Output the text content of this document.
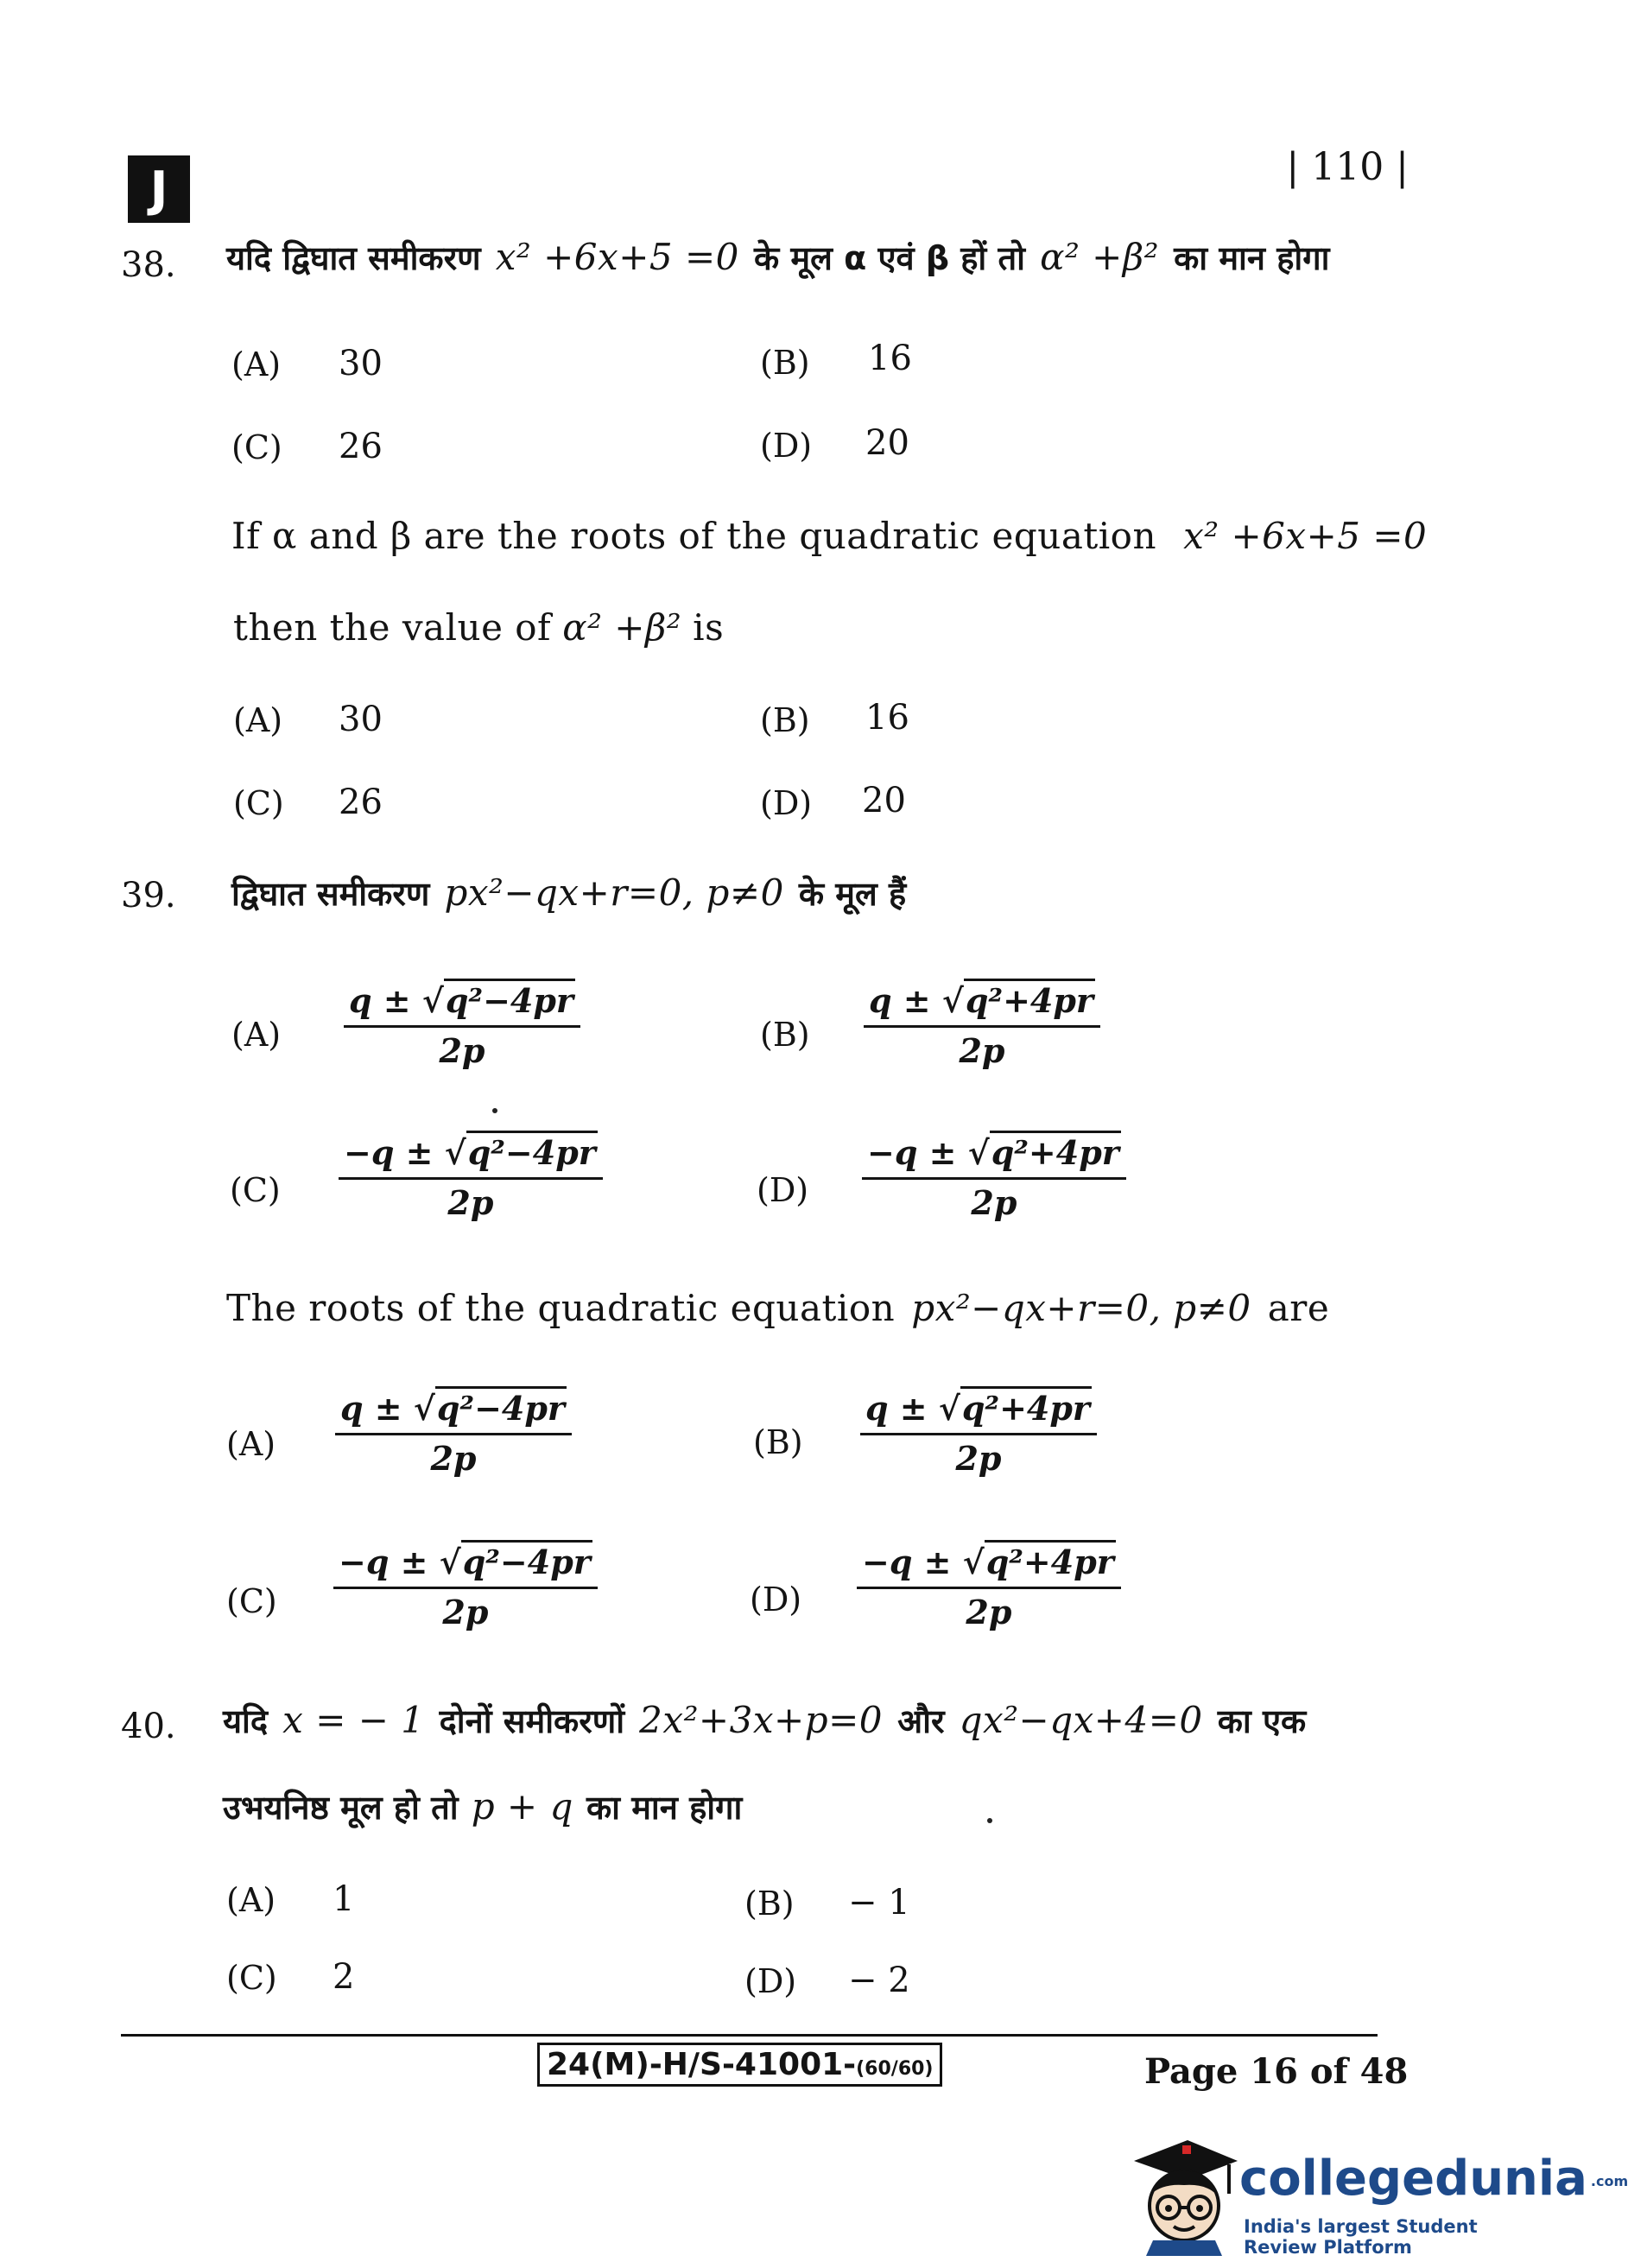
J	| 110 |
38. यदि द्विघात समीकरण x² +6x+5 =0 के मूल α एवं β हों तो α² +β² का मान होगा
(A) 30	(B) 16
(C) 26	(D) 20
If α and β are the roots of the quadratic equation x² +6x+5 =0
then the value of α² +β² is
(A) 30	(B) 16
(C) 26	(D) 20
39. द्विघात समीकरण px²−qx+r=0, p≠0 के मूल हैं
$(A) \frac{\text{q ± √q²−4pr}}{2p}$	$(B) \frac{\text{q ± √q²+4pr}}{2p}$
$(C) \frac{\text{−q ± √q²−4pr}}{2p}$	$(D) \frac{\text{−q ± √q²+4pr}}{2p}$
The roots of the quadratic equation px²−qx+r=0, p≠0 are
$(A) \frac{\text{q ± √q²−4pr}}{2p}$	$(B) \frac{\text{q ± √q²+4pr}}{2p}$
$(C) \frac{\text{−q ± √q²−4pr}}{2p}$	$(D) \frac{\text{−q ± √q²+4pr}}{2p}$
40. यदि x = − 1 दोनों समीकरणों 2x²+3x+p=0 और qx²−qx+4=0 का एक
उभयनिष्ठ मूल हो तो p + q का मान होगा
(A) 1	(B) − 1
(C) 2	(D) − 2
24(M)-H/S-41001-(60/60)	Page 16 of 48
collegedunia .com
India's largest Student Review Platform
